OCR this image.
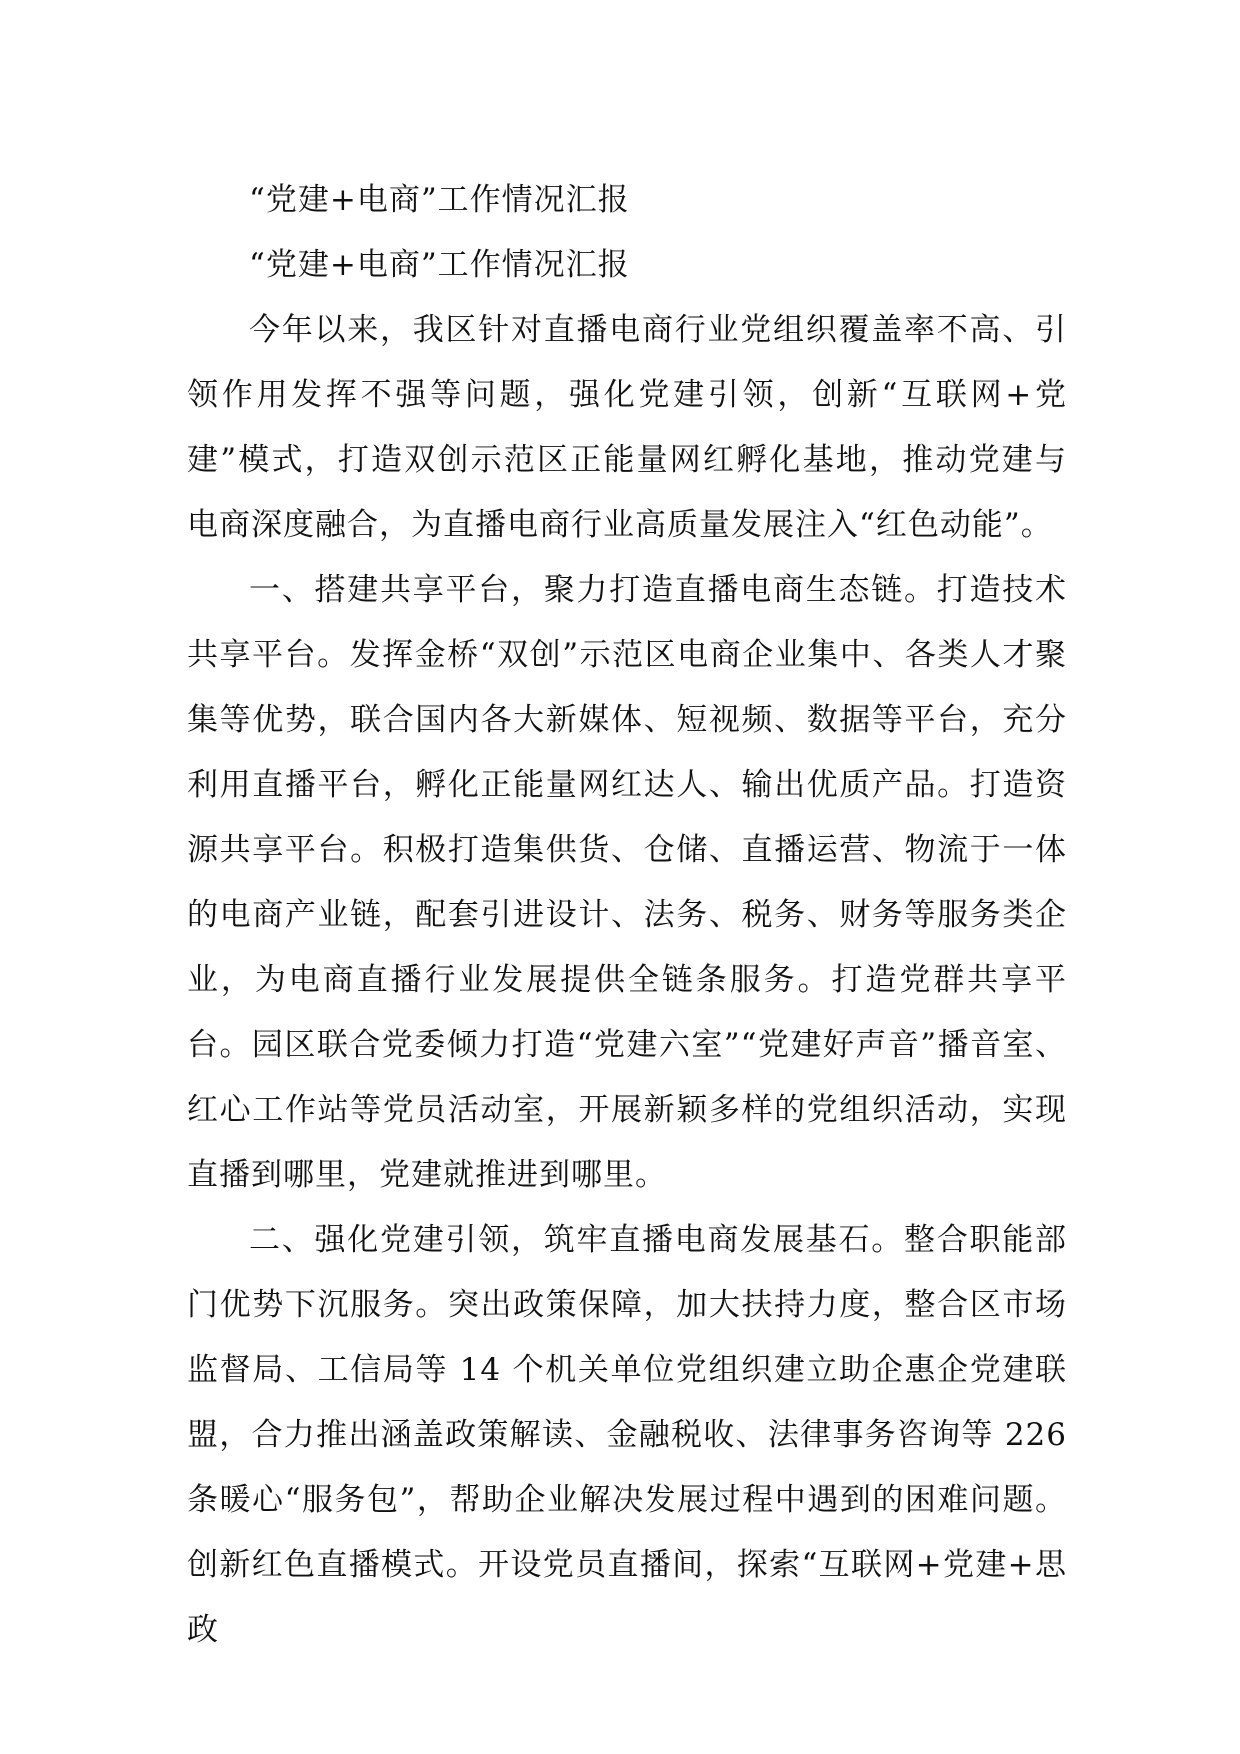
“党建+电商”工作情况汇报

“党建+电商”工作情况汇报

今年以来，我区针对直播电商行业党组织覆盖率不高、引领作用发挥不强等问题，强化党建引领，创新“互联网+党建”模式，打造双创示范区正能量网红孵化基地，推动党建与电商深度融合，为直播电商行业高质量发展注入“红色动能”。

一、搭建共享平台，聚力打造直播电商生态链。打造技术共享平台。发挥金桥“双创”示范区电商企业集中、各类人才聚集等优势，联合国内各大新媒体、短视频、数据等平台，充分利用直播平台，孵化正能量网红达人、输出优质产品。打造资源共享平台。积极打造集供货、仓储、直播运营、物流于一体的电商产业链，配套引进设计、法务、税务、财务等服务类企业，为电商直播行业发展提供全链条服务。打造党群共享平台。园区联合党委倾力打造“党建六室”“党建好声音”播音室、红心工作站等党员活动室，开展新颖多样的党组织活动，实现直播到哪里，党建就推进到哪里。

二、强化党建引领，筑牢直播电商发展基石。整合职能部门优势下沉服务。突出政策保障，加大扶持力度，整合区市场监督局、工信局等 14 个机关单位党组织建立助企惠企党建联盟，合力推出涵盖政策解读、金融税收、法律事务咨询等 226 条暖心“服务包”，帮助企业解决发展过程中遇到的困难问题。创新红色直播模式。开设党员直播间，探索“互联网+党建+思政
